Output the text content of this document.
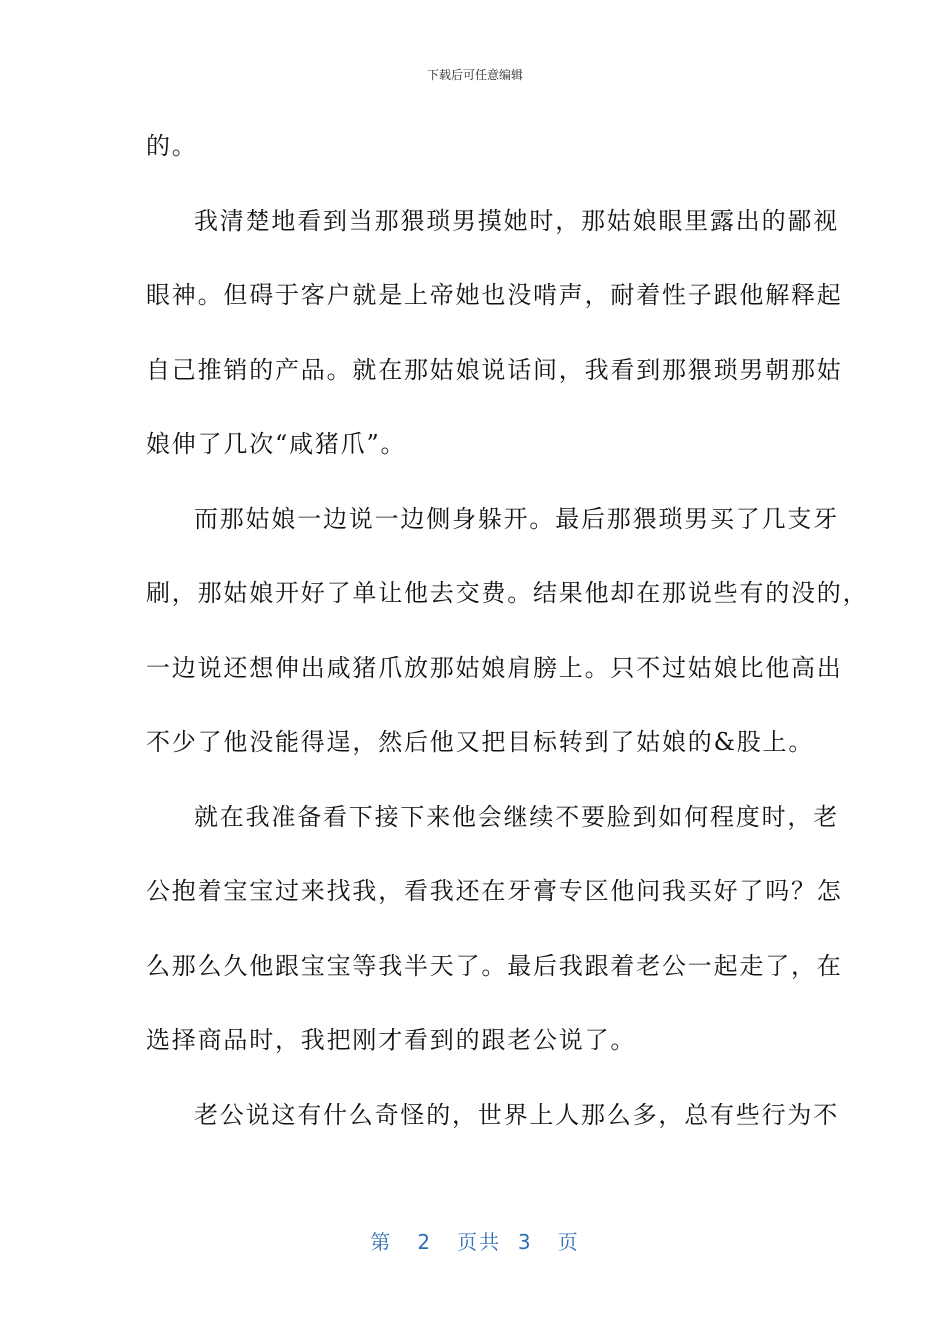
下载后可任意编辑
的。
我清楚地看到当那猥琐男摸她时，那姑娘眼里露出的鄙视
眼神。但碍于客户就是上帝她也没啃声，耐着性子跟他解释起
自己推销的产品。就在那姑娘说话间，我看到那猥琐男朝那姑
娘伸了几次“咸猪爪”。
而那姑娘一边说一边侧身躲开。最后那猥琐男买了几支牙
刷，那姑娘开好了单让他去交费。结果他却在那说些有的没的，
一边说还想伸出咸猪爪放那姑娘肩膀上。只不过姑娘比他高出
不少了他没能得逞，然后他又把目标转到了姑娘的&股上。
就在我准备看下接下来他会继续不要脸到如何程度时，老
公抱着宝宝过来找我，看我还在牙膏专区他问我买好了吗？怎
么那么久他跟宝宝等我半天了。最后我跟着老公一起走了，在
选择商品时，我把刚才看到的跟老公说了。
老公说这有什么奇怪的，世界上人那么多，总有些行为不
第 2 页共 3 页
